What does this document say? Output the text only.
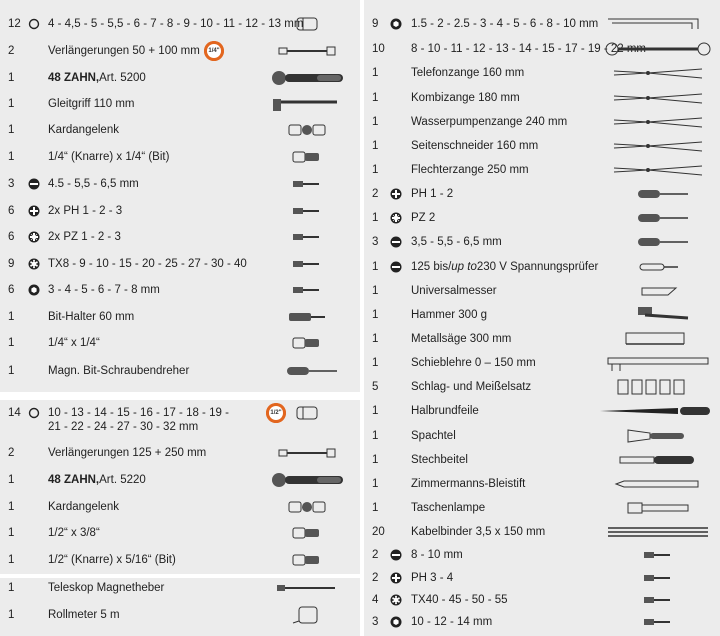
12 4 - 4,5 - 5 - 5,5 - 6 - 7 - 8 - 9 - 10 - 11 - 12 - 13 mm
2	Verlängerungen 50 + 100 mm 1/4"
1	48 ZAHN, Art. 5200
1	Gleitgriff 110 mm
1	Kardangelenk
1	1/4“ (Knarre) x 1/4“ (Bit)
3	4.5 - 5,5 - 6,5 mm
6	2x PH 1 - 2 - 3
6	2x PZ 1 - 2 - 3
9	TX8 - 9 - 10 - 15 - 20 - 25 - 27 - 30 - 40
6	3 - 4 - 5 - 6 - 7 - 8 mm
1	Bit-Halter 60 mm
1	1/4“ x 1/4“
1	Magn. Bit-Schraubendreher
14 10 - 13 - 14 - 15 - 16 - 17 - 18 - 19 -
21 - 22 - 24 - 27 - 30 - 32 mm
1/2"
2	Verlängerungen 125 + 250 mm
1	48 ZAHN, Art. 5220
1	Kardangelenk
1	1/2“ x 3/8“
1	1/2“ (Knarre) x 5/16“ (Bit)
1	Teleskop Magnetheber
1	Rollmeter 5 m
9	1.5 - 2 - 2.5 - 3 - 4 - 5 - 6 - 8 - 10 mm
10 8 - 10 - 11 - 12 - 13 - 14 - 15 - 17 - 19 - 22 mm
1	Telefonzange 160 mm
1	Kombizange 180 mm
1	Wasserpumpenzange 240 mm
1	Seitenschneider 160 mm
1	Flechterzange 250 mm
2	PH 1 - 2
1	PZ 2
3	3,5 - 5,5 - 6,5 mm
1	125 bis/ up to 230 V Spannungsprüfer
1	Universalmesser
1	Hammer 300 g
1	Metallsäge 300 mm
1	Schieblehre 0 – 150 mm
5	Schlag- und Meißelsatz
1	Halbrundfeile
1	Spachtel
1	Stechbeitel
1	Zimmermanns-Bleistift
1	Taschenlampe
20 Kabelbinder 3,5 x 150 mm
2	8 - 10 mm
2	PH 3 - 4
4	TX40 - 45 - 50 - 55
3	10 - 12 - 14 mm
